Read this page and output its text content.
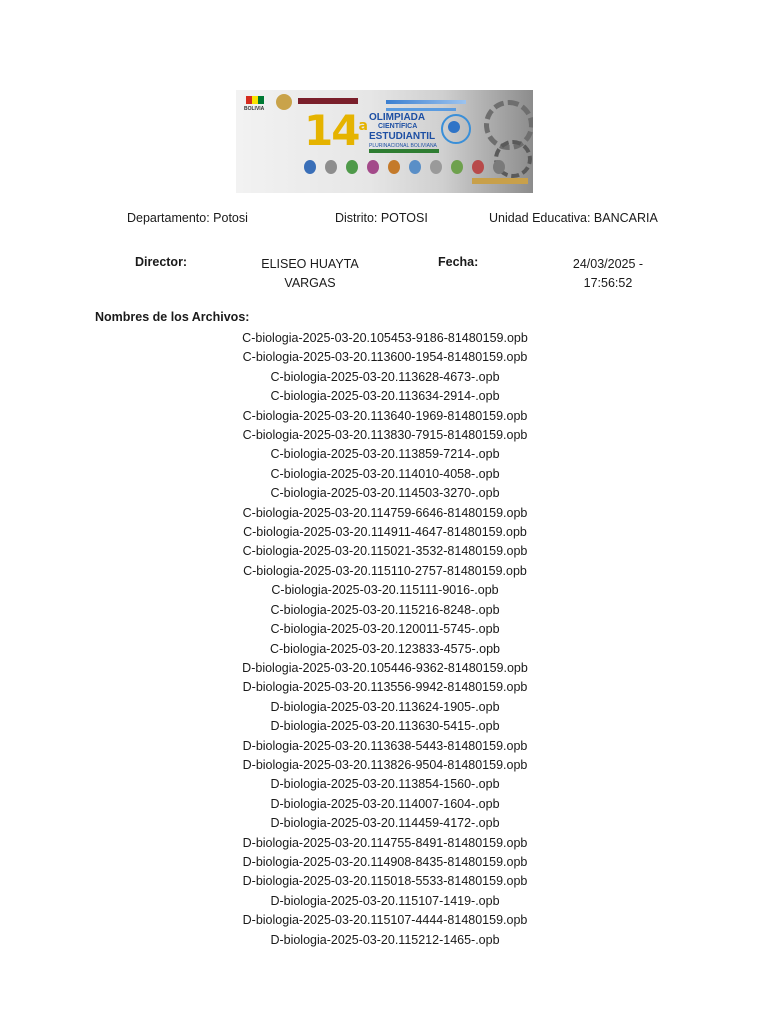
BOLIVIA 14$^a$
OLIMPIADA
CIENTÍFICA
ESTUDIANTIL
PLURINACIONAL BOLIVIANA
Departamento: Potosi	Distrito: POTOSI	Unidad Educativa: BANCARIA
Director:	ELISEO HUAYTA
VARGAS
Fecha:	24/03/2025 -
17:56:52
Nombres de los Archivos:
C-biologia-2025-03-20.105453-9186-81480159.opb
C-biologia-2025-03-20.113600-1954-81480159.opb
C-biologia-2025-03-20.113628-4673-.opb
C-biologia-2025-03-20.113634-2914-.opb
C-biologia-2025-03-20.113640-1969-81480159.opb
C-biologia-2025-03-20.113830-7915-81480159.opb
C-biologia-2025-03-20.113859-7214-.opb
C-biologia-2025-03-20.114010-4058-.opb
C-biologia-2025-03-20.114503-3270-.opb
C-biologia-2025-03-20.114759-6646-81480159.opb
C-biologia-2025-03-20.114911-4647-81480159.opb
C-biologia-2025-03-20.115021-3532-81480159.opb
C-biologia-2025-03-20.115110-2757-81480159.opb
C-biologia-2025-03-20.115111-9016-.opb
C-biologia-2025-03-20.115216-8248-.opb
C-biologia-2025-03-20.120011-5745-.opb
C-biologia-2025-03-20.123833-4575-.opb
D-biologia-2025-03-20.105446-9362-81480159.opb
D-biologia-2025-03-20.113556-9942-81480159.opb
D-biologia-2025-03-20.113624-1905-.opb
D-biologia-2025-03-20.113630-5415-.opb
D-biologia-2025-03-20.113638-5443-81480159.opb
D-biologia-2025-03-20.113826-9504-81480159.opb
D-biologia-2025-03-20.113854-1560-.opb
D-biologia-2025-03-20.114007-1604-.opb
D-biologia-2025-03-20.114459-4172-.opb
D-biologia-2025-03-20.114755-8491-81480159.opb
D-biologia-2025-03-20.114908-8435-81480159.opb
D-biologia-2025-03-20.115018-5533-81480159.opb
D-biologia-2025-03-20.115107-1419-.opb
D-biologia-2025-03-20.115107-4444-81480159.opb
D-biologia-2025-03-20.115212-1465-.opb
